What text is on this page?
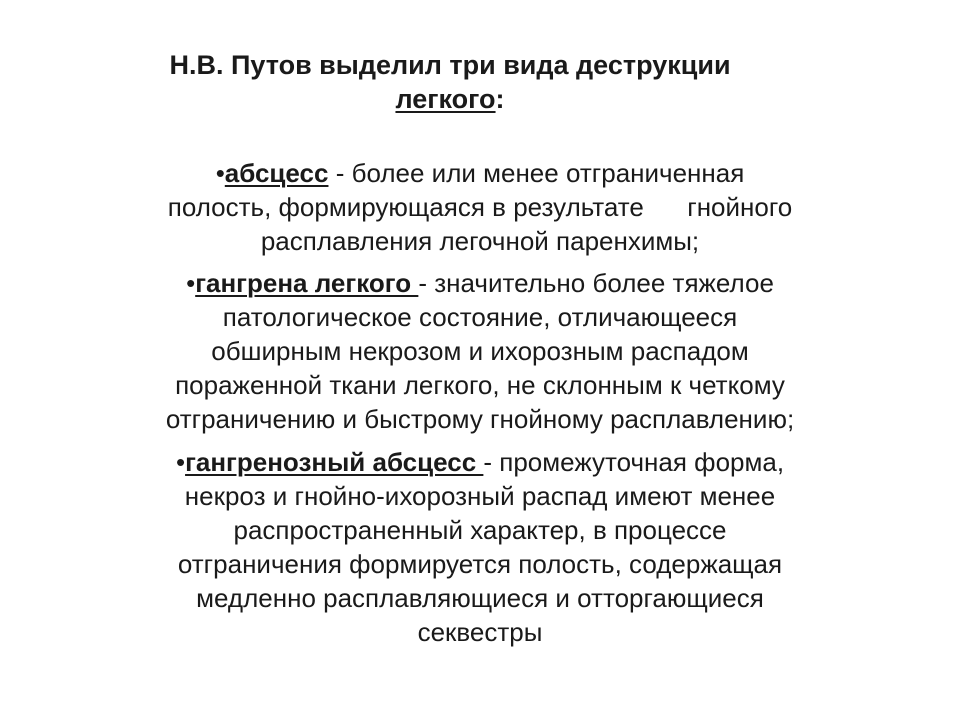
Н.В. Путов выделил три вида деструкции
легкого:
•абсцесс - более или менее отграниченная
полость, формирующаяся в результате      гнойного
расплавления легочной паренхимы;
•гангрена легкого - значительно более тяжелое
патологическое состояние, отличающееся
обширным некрозом и ихорозным распадом
пораженной ткани легкого, не склонным к четкому
отграничению и быстрому гнойному расплавлению;
•гангренозный абсцесс - промежуточная форма,
некроз и гнойно-ихорозный распад имеют менее
распространенный характер, в процессе
отграничения формируется полость, содержащая
медленно расплавляющиеся и отторгающиеся
секвестры
